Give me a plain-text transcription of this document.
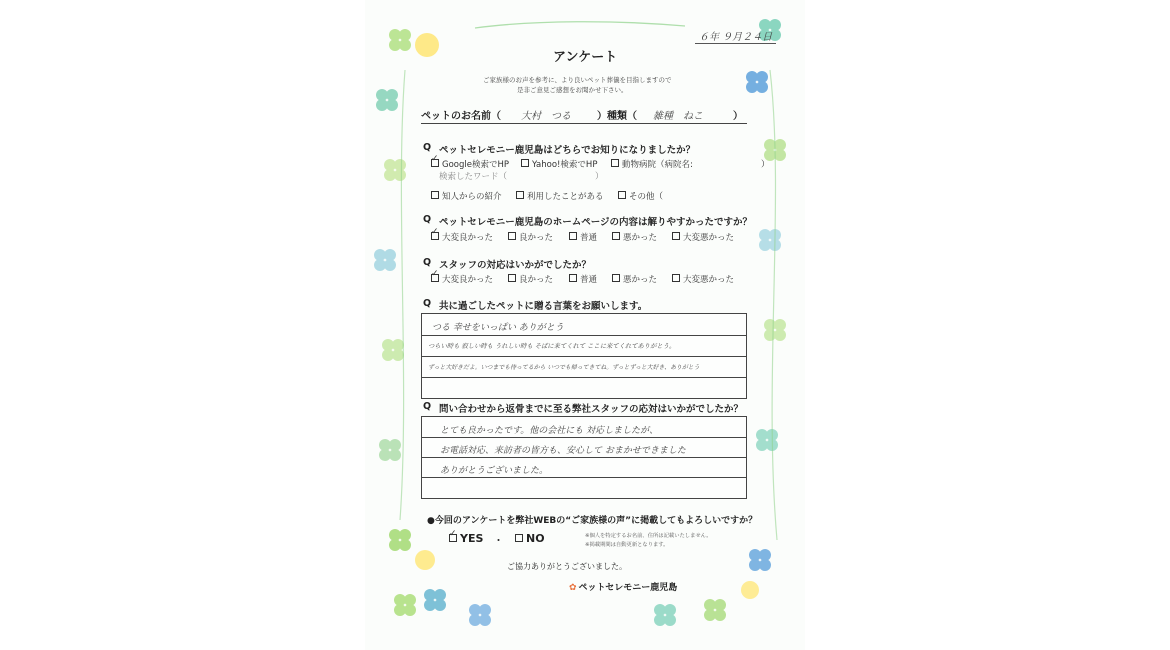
６年 ９月２４日
アンケート
ご家族様のお声を参考に、より良いペット葬儀を目指しますので
是非ご意見ご感想をお聞かせ下さい。
ペットのお名前（ 大村　つる	）種類（ 雑種　ねこ	）
Q ペットセレモニー鹿児島はどちらでお知りになりましたか？
✓Google検索でHP	Yahoo!検索でHP	動物病院（病院名:	）
検索したワード（	）
知人からの紹介	利用したことがある	その他（
Q ペットセレモニー鹿児島のホームページの内容は解りやすかったですか？
✓大変良かった	良かった	普通	悪かった	大変悪かった
Q スタッフの対応はいかがでしたか？
✓大変良かった	良かった	普通	悪かった	大変悪かった
Q 共に過ごしたペットに贈る言葉をお願いします。
つる 幸せをいっぱい ありがとう
つらい時も 寂しい時も うれしい時も そばに来てくれて ここに来てくれてありがとう。
ずっと大好きだよ。いつまでも待ってるから いつでも帰ってきてね。ずっとずっと大好き、ありがとう
Q 問い合わせから返骨までに至る弊社スタッフの応対はいかがでしたか？
とても良かったです。他の会社にも 対応しましたが、
お電話対応、来訪者の皆方も、安心して おまかせできました
ありがとうございました。
●今回のアンケートを弊社WEBの“ご家族様の声”に掲載してもよろしいですか？
✓YES ・	NO	※個人を特定するお名前、住所は記載いたしません。
※掲載期間は自動更新となります。
ご協力ありがとうございました。
✿ ペットセレモニー鹿児島
